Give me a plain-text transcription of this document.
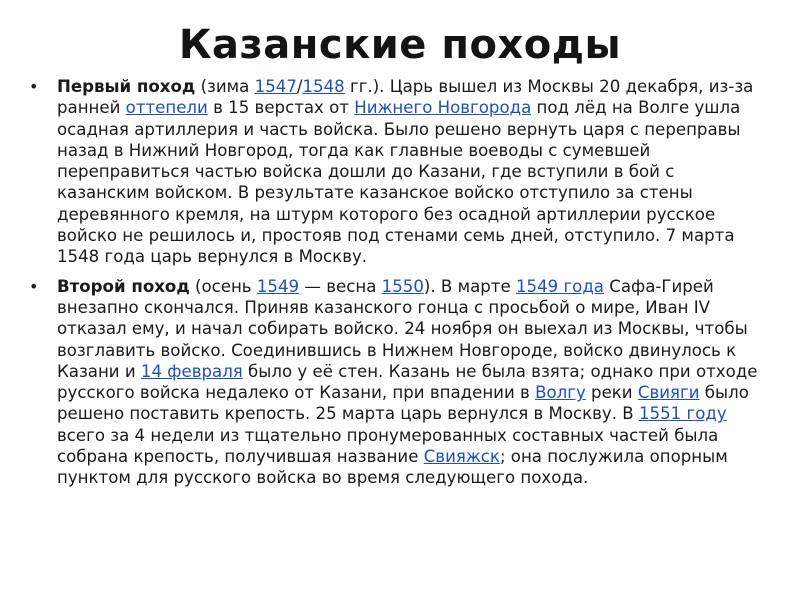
Казанские походы
• Первый поход (зима 1547/1548 гг.). Царь вышел из Москвы 20 декабря, из-за ранней оттепели в 15 верстах от Нижнего Новгорода под лёд на Волге ушла осадная артиллерия и часть войска. Было решено вернуть царя с переправы назад в Нижний Новгород, тогда как главные воеводы с сумевшей переправиться частью войска дошли до Казани, где вступили в бой с казанским войском. В результате казанское войско отступило за стены деревянного кремля, на штурм которого без осадной артиллерии русское войско не решилось и, простояв под стенами семь дней, отступило. 7 марта 1548 года царь вернулся в Москву.
• Второй поход (осень 1549 — весна 1550). В марте 1549 года Сафа-Гирей внезапно скончался. Приняв казанского гонца с просьбой о мире, Иван IV отказал ему, и начал собирать войско. 24 ноября он выехал из Москвы, чтобы возглавить войско. Соединившись в Нижнем Новгороде, войско двинулось к Казани и 14 февраля было у её стен. Казань не была взята; однако при отходе русского войска недалеко от Казани, при впадении в Волгу реки Свияги было решено поставить крепость. 25 марта царь вернулся в Москву. В 1551 году всего за 4 недели из тщательно пронумерованных составных частей была собрана крепость, получившая название Свияжск; она послужила опорным пунктом для русского войска во время следующего похода.
